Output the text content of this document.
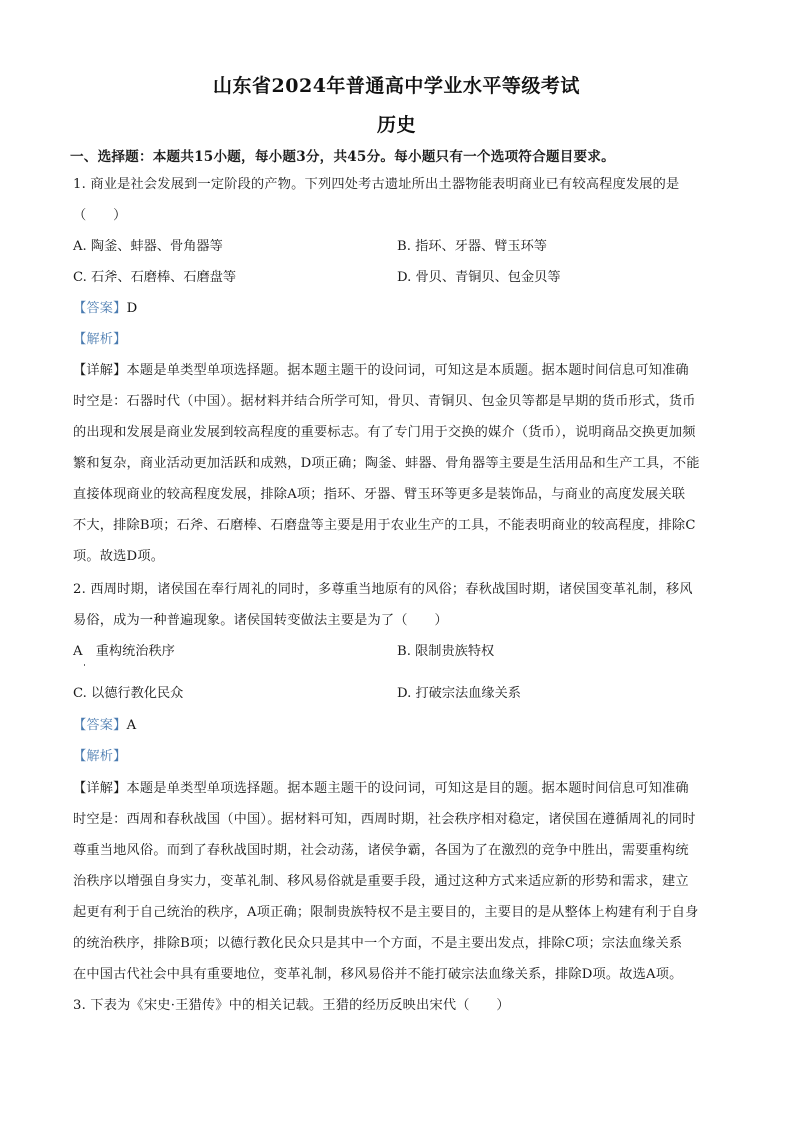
山东省2024年普通高中学业水平等级考试
历史
一、选择题：本题共15小题，每小题3分，共45分。每小题只有一个选项符合题目要求。
1. 商业是社会发展到一定阶段的产物。下列四处考古遗址所出土器物能表明商业已有较高程度发展的是
（　　）
A. 陶釜、蚌器、骨角器等	B. 指环、牙器、臂玉环等
C. 石斧、石磨棒、石磨盘等	D. 骨贝、青铜贝、包金贝等
【答案】D
【解析】
【详解】本题是单类型单项选择题。据本题主题干的设问词，可知这是本质题。据本题时间信息可知准确
时空是：石器时代（中国）。据材料并结合所学可知，骨贝、青铜贝、包金贝等都是早期的货币形式，货币
的出现和发展是商业发展到较高程度的重要标志。有了专门用于交换的媒介（货币），说明商品交换更加频
繁和复杂，商业活动更加活跃和成熟，D项正确；陶釜、蚌器、骨角器等主要是生活用品和生产工具，不能
直接体现商业的较高程度发展，排除A项；指环、牙器、臂玉环等更多是装饰品，与商业的高度发展关联
不大，排除B项；石斧、石磨棒、石磨盘等主要是用于农业生产的工具，不能表明商业的较高程度，排除C
项。故选D项。
2. 西周时期，诸侯国在奉行周礼的同时，多尊重当地原有的风俗；春秋战国时期，诸侯国变革礼制，移风
易俗，成为一种普遍现象。诸侯国转变做法主要是为了（　　）
A　重构统治秩序	B. 限制贵族特权
C. 以德行教化民众	D. 打破宗法血缘关系
【答案】A
【解析】
【详解】本题是单类型单项选择题。据本题主题干的设问词，可知这是目的题。据本题时间信息可知准确
时空是：西周和春秋战国（中国）。据材料可知，西周时期，社会秩序相对稳定，诸侯国在遵循周礼的同时
尊重当地风俗。而到了春秋战国时期，社会动荡，诸侯争霸，各国为了在激烈的竞争中胜出，需要重构统
治秩序以增强自身实力，变革礼制、移风易俗就是重要手段，通过这种方式来适应新的形势和需求，建立
起更有利于自己统治的秩序，A项正确；限制贵族特权不是主要目的，主要目的是从整体上构建有利于自身
的统治秩序，排除B项；以德行教化民众只是其中一个方面，不是主要出发点，排除C项；宗法血缘关系
在中国古代社会中具有重要地位，变革礼制，移风易俗并不能打破宗法血缘关系，排除D项。故选A项。
3. 下表为《宋史·王猎传》中的相关记载。王猎的经历反映出宋代（　　）
